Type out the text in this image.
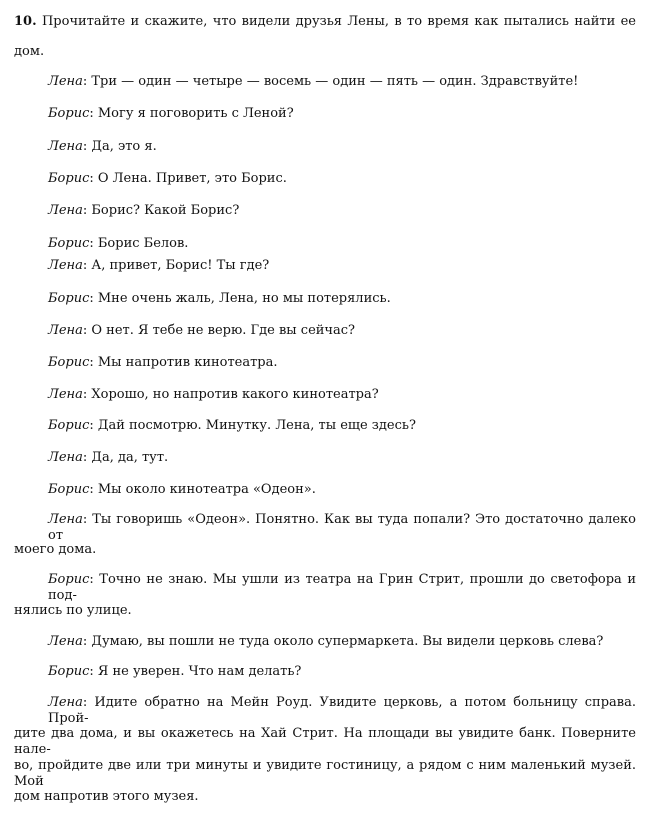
10. Прочитайте и скажите, что видели друзья Лены, в то время как пытались найти ее
дом.
Лена: Три — один — четыре — восемь — один — пять — один. Здравствуйте!
Борис: Могу я поговорить с Леной?
Лена: Да, это я.
Борис: О Лена. Привет, это Борис.
Лена: Борис? Какой Борис?
Борис: Борис Белов.
Лена: А, привет, Борис! Ты где?
Борис: Мне очень жаль, Лена, но мы потерялись.
Лена: О нет. Я тебе не верю. Где вы сейчас?
Борис: Мы напротив кинотеатра.
Лена: Хорошо, но напротив какого кинотеатра?
Борис: Дай посмотрю. Минутку. Лена, ты еще здесь?
Лена: Да, да, тут.
Борис: Мы около кинотеатра «Одеон».
Лена: Ты говоришь «Одеон». Понятно. Как вы туда попали? Это достаточно далеко от
моего дома.
Борис: Точно не знаю. Мы ушли из театра на Грин Стрит, прошли до светофора и под-
нялись по улице.
Лена: Думаю, вы пошли не туда около супермаркета. Вы видели церковь слева?
Борис: Я не уверен. Что нам делать?
Лена: Идите обратно на Мейн Роуд. Увидите церковь, а потом больницу справа. Прой-
дите два дома, и вы окажетесь на Хай Стрит. На площади вы увидите банк. Поверните нале-
во, пройдите две или три минуты и увидите гостиницу, а рядом с ним маленький музей. Мой
дом напротив этого музея.
